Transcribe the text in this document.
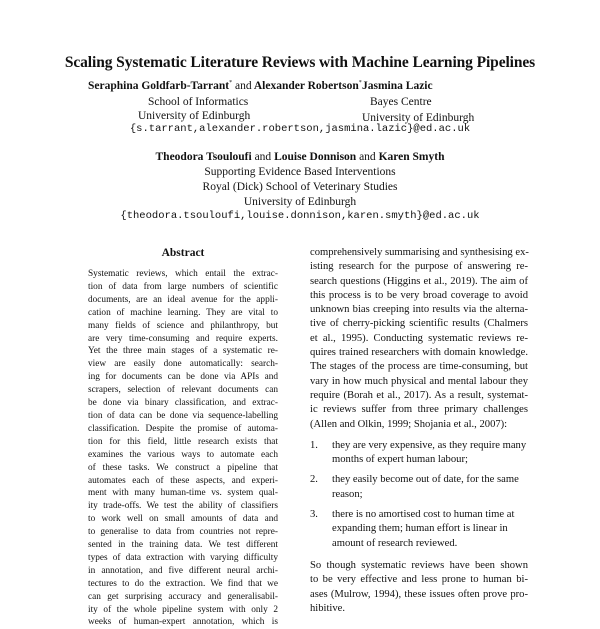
Scaling Systematic Literature Reviews with Machine Learning Pipelines
Seraphina Goldfarb-Tarrant* and Alexander Robertson*
School of Informatics
University of Edinburgh
Jasmina Lazic
Bayes Centre
University of Edinburgh
{s.tarrant,alexander.robertson,jasmina.lazic}@ed.ac.uk
Theodora Tsouloufi and Louise Donnison and Karen Smyth
Supporting Evidence Based Interventions
Royal (Dick) School of Veterinary Studies
University of Edinburgh
{theodora.tsouloufi,louise.donnison,karen.smyth}@ed.ac.uk
Abstract
Systematic reviews, which entail the extrac-
tion of data from large numbers of scientific
documents, are an ideal avenue for the appli-
cation of machine learning. They are vital to
many fields of science and philanthropy, but
are very time-consuming and require experts.
Yet the three main stages of a systematic re-
view are easily done automatically: search-
ing for documents can be done via APIs and
scrapers, selection of relevant documents can
be done via binary classification, and extrac-
tion of data can be done via sequence-labelling
classification. Despite the promise of automa-
tion for this field, little research exists that
examines the various ways to automate each
of these tasks. We construct a pipeline that
automates each of these aspects, and experi-
ment with many human-time vs. system qual-
ity trade-offs. We test the ability of classifiers
to work well on small amounts of data and
to generalise to data from countries not repre-
sented in the training data. We test different
types of data extraction with varying difficulty
in annotation, and five different neural archi-
tectures to do the extraction. We find that we
can get surprising accuracy and generalisabil-
ity of the whole pipeline system with only 2
weeks of human-expert annotation, which is
comprehensively summarising and synthesising ex-
isting research for the purpose of answering re-
search questions (Higgins et al., 2019). The aim of
this process is to be very broad coverage to avoid
unknown bias creeping into results via the alterna-
tive of cherry-picking scientific results (Chalmers
et al., 1995). Conducting systematic reviews re-
quires trained researchers with domain knowledge.
The stages of the process are time-consuming, but
vary in how much physical and mental labour they
require (Borah et al., 2017). As a result, systemat-
ic reviews suffer from three primary challenges
(Allen and Olkin, 1999; Shojania et al., 2007):
1. they are very expensive, as they require many
months of expert human labour;
2. they easily become out of date, for the same
reason;
3. there is no amortised cost to human time at
expanding them; human effort is linear in
amount of research reviewed.
So though systematic reviews have been shown
to be very effective and less prone to human bi-
ases (Mulrow, 1994), these issues often prove pro-
hibitive.
